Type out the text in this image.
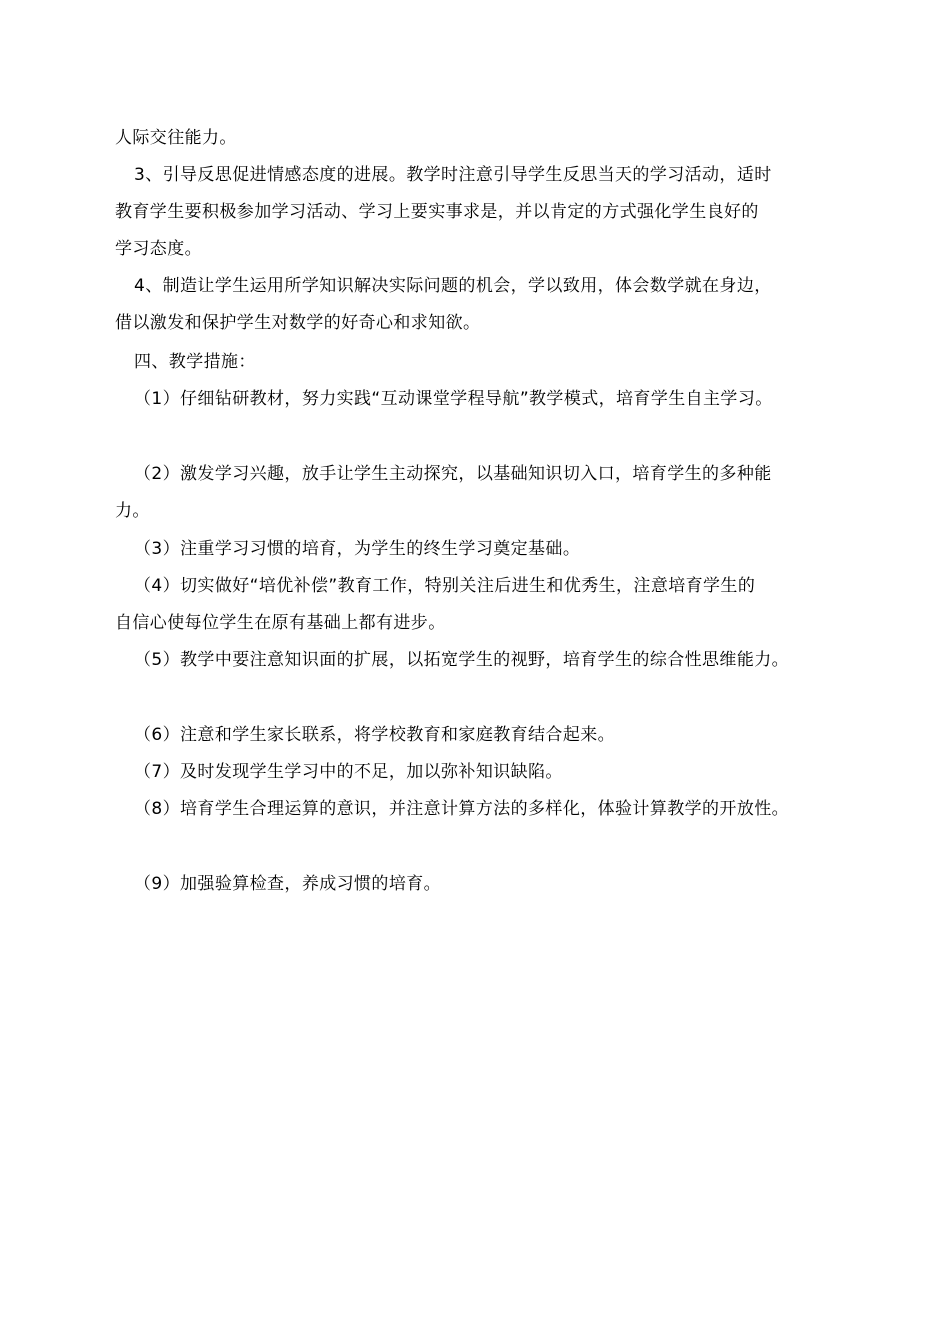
人际交往能力。
3、引导反思促进情感态度的进展。教学时注意引导学生反思当天的学习活动，适时
教育学生要积极参加学习活动、学习上要实事求是，并以肯定的方式强化学生良好的
学习态度。
4、制造让学生运用所学知识解决实际问题的机会，学以致用，体会数学就在身边，
借以激发和保护学生对数学的好奇心和求知欲。
四、教学措施：
（1）仔细钻研教材，努力实践“互动课堂学程导航”教学模式，培育学生自主学习。
（2）激发学习兴趣，放手让学生主动探究，以基础知识切入口，培育学生的多种能
力。
（3）注重学习习惯的培育，为学生的终生学习奠定基础。
（4）切实做好“培优补偿”教育工作，特别关注后进生和优秀生，注意培育学生的
自信心使每位学生在原有基础上都有进步。
（5）教学中要注意知识面的扩展，以拓宽学生的视野，培育学生的综合性思维能力。
（6）注意和学生家长联系，将学校教育和家庭教育结合起来。
（7）及时发现学生学习中的不足，加以弥补知识缺陷。
（8）培育学生合理运算的意识，并注意计算方法的多样化，体验计算教学的开放性。
（9）加强验算检查，养成习惯的培育。
